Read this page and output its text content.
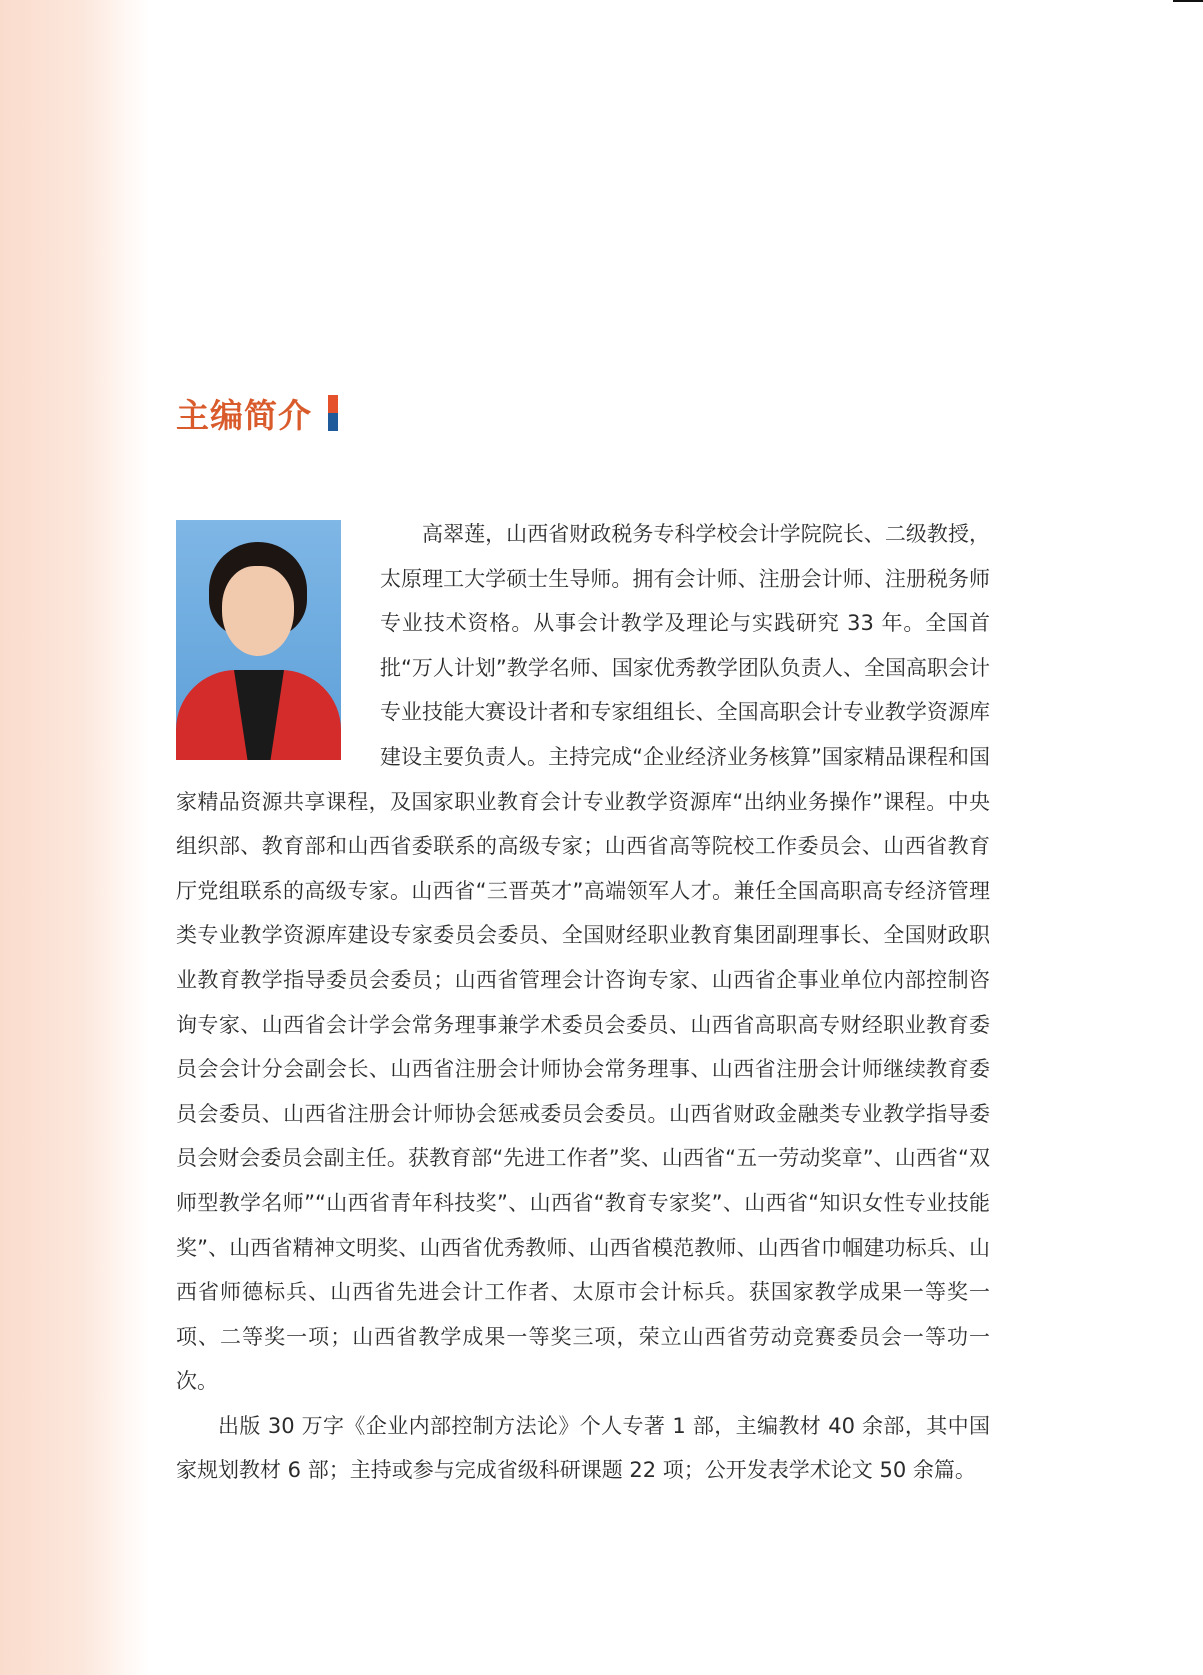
主编简介

高翠莲，山西省财政税务专科学校会计学院院长、二级教授，太原理工大学硕士生导师。拥有会计师、注册会计师、注册税务师专业技术资格。从事会计教学及理论与实践研究 33 年。全国首批“万人计划”教学名师、国家优秀教学团队负责人、全国高职会计专业技能大赛设计者和专家组组长、全国高职会计专业教学资源库建设主要负责人。主持完成“企业经济业务核算”国家精品课程和国家精品资源共享课程，及国家职业教育会计专业教学资源库“出纳业务操作”课程。中央组织部、教育部和山西省委联系的高级专家；山西省高等院校工作委员会、山西省教育厅党组联系的高级专家。山西省“三晋英才”高端领军人才。兼任全国高职高专经济管理类专业教学资源库建设专家委员会委员、全国财经职业教育集团副理事长、全国财政职业教育教学指导委员会委员；山西省管理会计咨询专家、山西省企事业单位内部控制咨询专家、山西省会计学会常务理事兼学术委员会委员、山西省高职高专财经职业教育委员会会计分会副会长、山西省注册会计师协会常务理事、山西省注册会计师继续教育委员会委员、山西省注册会计师协会惩戒委员会委员。山西省财政金融类专业教学指导委员会财会委员会副主任。获教育部“先进工作者”奖、山西省“五一劳动奖章”、山西省“双师型教学名师”“山西省青年科技奖”、山西省“教育专家奖”、山西省“知识女性专业技能奖”、山西省精神文明奖、山西省优秀教师、山西省模范教师、山西省巾帼建功标兵、山西省师德标兵、山西省先进会计工作者、太原市会计标兵。获国家教学成果一等奖一项、二等奖一项；山西省教学成果一等奖三项，荣立山西省劳动竞赛委员会一等功一次。

出版 30 万字《企业内部控制方法论》个人专著 1 部，主编教材 40 余部，其中国家规划教材 6 部；主持或参与完成省级科研课题 22 项；公开发表学术论文 50 余篇。
